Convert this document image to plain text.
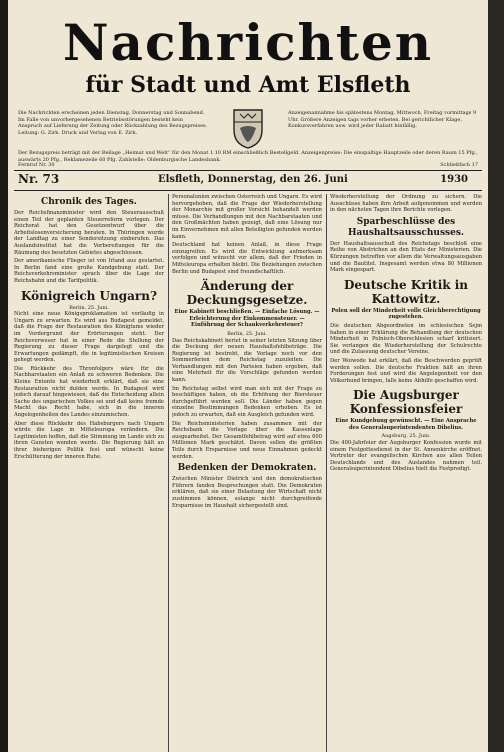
Nachrichten
für Stadt und Amt Elsfleth
Die Nachrichten erscheinen jeden Dienstag, Donnerstag und Sonnabend. Im Falle von unvorhergesehenen Betriebsstörungen besteht kein Anspruch auf Lieferung der Zeitung oder Rückzahlung des Bezugspreises. Leitung: G. Zirk. Druck und Verlag von E. Zirk.
Anzeigenannahme bis spätestens Montag, Mittwoch, Freitag vormittags 9 Uhr. Größere Anzeigen tags vorher erbeten. Bei gerichtlicher Klage, Konkursverfahren usw. wird jeder Rabatt hinfällig.
Der Bezugspreis beträgt mit der Beilage „Heimat und Welt“ für den Monat 1.10 RM einschließlich Bestellgeld. Anzeigenpreise: Die einspaltige Hauptzeile oder deren Raum 15 Pfg., auswärts 20 Pfg., Reklamezeile 60 Pfg. Zahlstelle: Oldenburgische Landesbank.
Fernruf Nr. 30	Schließfach 17
Nr. 73	Elsfleth, Donnerstag, den 26. Juni	1930
Chronik des Tages.

Der Reichsfinanzminister wird den Steuerausschuß einen Teil der geplanten Steuerreform vorlegen. Der Reichsrat hat den Gesetzentwurf über die Arbeitslosenversicherung beraten. In Thüringen wurde der Landtag zu einer Sondersitzung einberufen. Das Auslandsinstitut hat die Vorbereitungen für die Räumung des besetzten Gebietes abgeschlossen.

Der amerikanische Flieger ist von Irland aus gestartet. In Berlin fand eine große Kundgebung statt. Der Reichsverkehrsminister sprach über die Lage der Reichsbahn und die Tarifpolitik.

Königreich Ungarn?
Berlin, 25. Juni.

Nicht eine neue Königsproklamation ist vorläufig in Ungarn zu erwarten. Es wird aus Budapest gemeldet, daß die Frage der Restauration des Königtums wieder im Vordergrund der Erörterungen steht. Der Reichsverweser hat in einer Rede die Stellung der Regierung zu dieser Frage dargelegt und die Erwartungen gedämpft, die in legitimistischen Kreisen gehegt werden.

Die Rückkehr des Thronfolgers wäre für die Nachbarstaaten ein Anlaß zu schweren Bedenken. Die Kleine Entente hat wiederholt erklärt, daß sie eine Restauration nicht dulden werde. In Budapest wird jedoch darauf hingewiesen, daß die Entscheidung allein Sache des ungarischen Volkes sei und daß keine fremde Macht das Recht habe, sich in die inneren Angelegenheiten des Landes einzumischen.

Aber diese Rückkehr des Habsburgers nach Ungarn würde die Lage in Mitteleuropa verändern. Die Legitimisten hoffen, daß die Stimmung im Lande sich zu ihren Gunsten wenden werde. Die Regierung hält an ihrer bisherigen Politik fest und wünscht keine Erschütterung der inneren Ruhe.

Personalunion zwischen Österreich und Ungarn. Es wird hervorgehoben, daß die Frage der Wiederherstellung der Monarchie mit großer Vorsicht behandelt werden müsse. Die Verhandlungen mit den Nachbarstaaten und den Großmächten haben gezeigt, daß eine Lösung nur im Einvernehmen mit allen Beteiligten gefunden werden kann.

Deutschland hat keinen Anlaß, in diese Frage einzugreifen. Es wird die Entwicklung aufmerksam verfolgen und wünscht vor allem, daß der Frieden in Mitteleuropa erhalten bleibt. Die Beziehungen zwischen Berlin und Budapest sind freundschaftlich.

Änderung der Deckungsgesetze.
Eine Kabinett beschließen. — Einfache Lösung. — Erleichterung der Einkommensteuer. — Einführung der Schankverkehrsteuer?
Berlin, 25. Juni.

Das Reichskabinett beriet in seiner letzten Sitzung über die Deckung der neuen Haushaltsfehlbeträge. Die Regierung ist bestrebt, die Vorlage noch vor den Sommerferien dem Reichstag zuzuleiten. Die Verhandlungen mit den Parteien haben ergeben, daß eine Mehrheit für die Vorschläge gefunden werden kann.

Im Reichstag selbst wird man sich mit der Frage zu beschäftigen haben, ob die Erhöhung der Biersteuer durchgeführt werden soll. Die Länder haben gegen einzelne Bestimmungen Bedenken erhoben. Es ist jedoch zu erwarten, daß ein Ausgleich gefunden wird.

Die Reichsministerien haben zusammen mit der Reichsbank die Vorlage über die Kassenlage ausgearbeitet. Der Gesamtfehlbetrag wird auf etwa 600 Millionen Mark geschätzt. Davon sollen die größten Teile durch Ersparnisse und neue Einnahmen gedeckt werden.

Bedenken der Demokraten.

Zwischen Minister Dietrich und den demokratischen Führern fanden Besprechungen statt. Die Demokraten erklären, daß sie einer Belastung der Wirtschaft nicht zustimmen können, solange nicht durchgreifende Ersparnisse im Haushalt sichergestellt sind.

Wiederherstellung der Ordnung zu sichern. Die Ausschüsse haben ihre Arbeit aufgenommen und werden in den nächsten Tagen ihre Berichte vorlegen.

Sparbeschlüsse des Haushaltsausschusses.

Der Haushaltsausschuß des Reichstags beschloß eine Reihe von Abstrichen an den Etats der Ministerien. Die Kürzungen betreffen vor allem die Verwaltungsausgaben und die Bautitel. Insgesamt werden etwa 80 Millionen Mark eingespart.

Deutsche Kritik in Kattowitz.
Polen soll der Minderheit volle Gleichberechtigung zugestehen.

Die deutschen Abgeordneten im schlesischen Sejm haben in einer Erklärung die Behandlung der deutschen Minderheit in Polnisch-Oberschlesien scharf kritisiert. Sie verlangen die Wiederherstellung der Schulrechte und die Zulassung deutscher Vereine.

Der Woiwode hat erklärt, daß die Beschwerden geprüft werden sollen. Die deutsche Fraktion hält an ihren Forderungen fest und wird die Angelegenheit vor den Völkerbund bringen, falls keine Abhilfe geschaffen wird.

Die Augsburger Konfessionsfeier
Eine Kundgebung gewünscht. — Eine Ansprache des Generalsuperintendenten Dibelius.
Augsburg, 25. Juni.

Die 400-Jahrfeier der Augsburger Konfession wurde mit einem Festgottesdienst in der St. Annenkirche eröffnet. Vertreter der evangelischen Kirchen aus allen Teilen Deutschlands und des Auslandes nahmen teil. Generalsuperintendent Dibelius hielt die Festpredigt.
